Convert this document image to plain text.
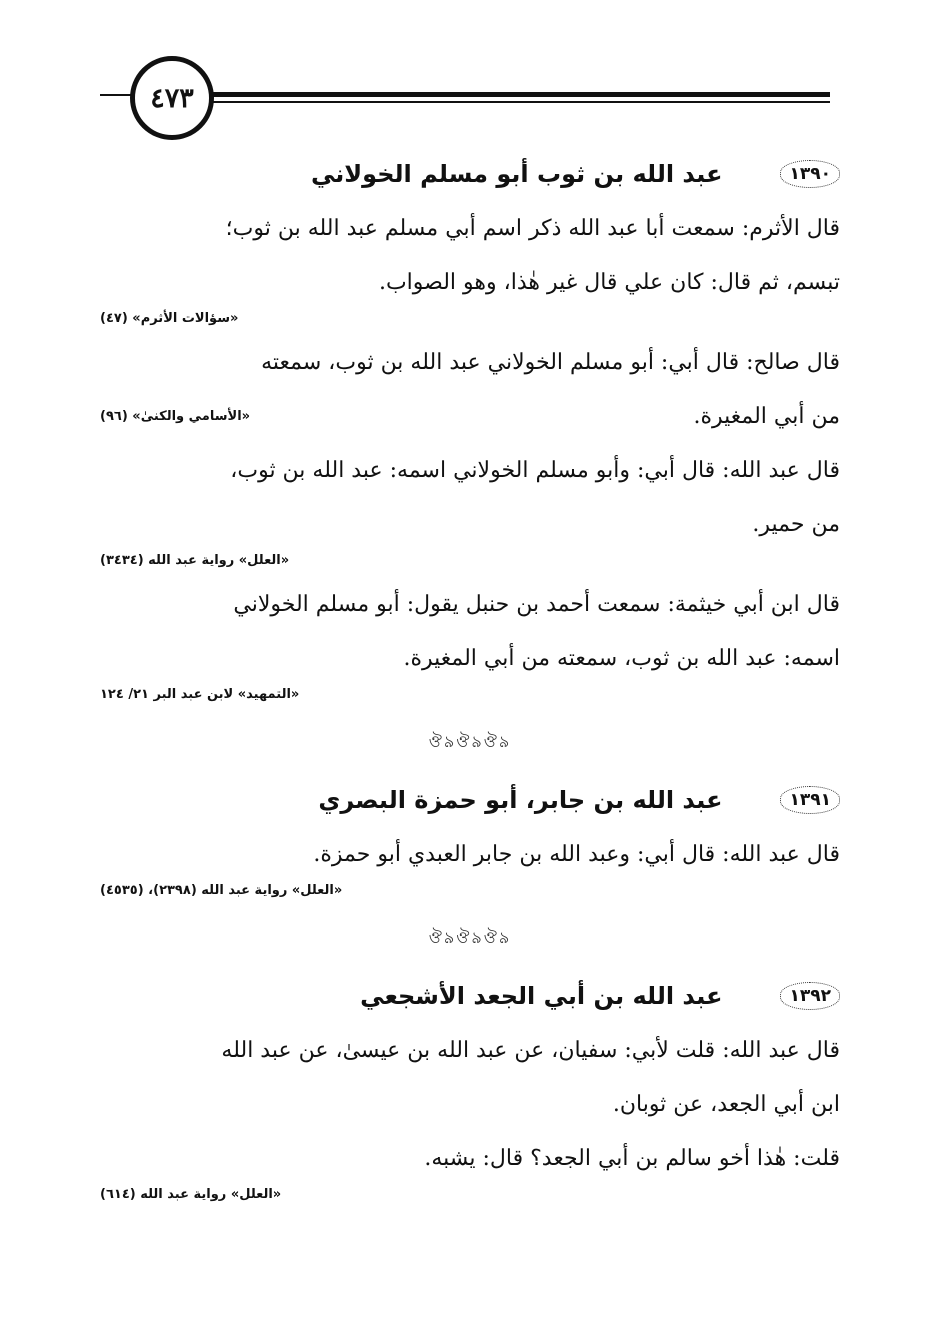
٤٧٣
١٣٩٠
عبد الله بن ثوب أبو مسلم الخولاني

قال الأثرم: سمعت أبا عبد الله ذكر اسم أبي مسلم عبد الله بن ثوب؛

تبسم، ثم قال: كان علي قال غير هٰذا، وهو الصواب.

«سؤالات الأثرم» (٤٧)

قال صالح: قال أبي: أبو مسلم الخولاني عبد الله بن ثوب، سمعته

من أبي المغيرة.

«الأسامي والكنىٰ» (٩٦)

قال عبد الله: قال أبي: وأبو مسلم الخولاني اسمه: عبد الله بن ثوب،

من حمير.

«العلل» رواية عبد الله (٣٤٣٤)

قال ابن أبي خيثمة: سمعت أحمد بن حنبل يقول: أبو مسلم الخولاني

اسمه: عبد الله بن ثوب، سمعته من أبي المغيرة.

«التمهيد» لابن عبد البر ٢١/ ١٢٤
ঔ৯ঔ৯ঔ৯
١٣٩١
عبد الله بن جابر، أبو حمزة البصري

قال عبد الله: قال أبي: وعبد الله بن جابر العبدي أبو حمزة.

«العلل» رواية عبد الله (٢٣٩٨)، (٤٥٣٥)
ঔ৯ঔ৯ঔ৯
١٣٩٢
عبد الله بن أبي الجعد الأشجعي

قال عبد الله: قلت لأبي: سفيان، عن عبد الله بن عيسىٰ، عن عبد الله

ابن أبي الجعد، عن ثوبان.

قلت: هٰذا أخو سالم بن أبي الجعد؟ قال: يشبه.

«العلل» رواية عبد الله (٦١٤)
